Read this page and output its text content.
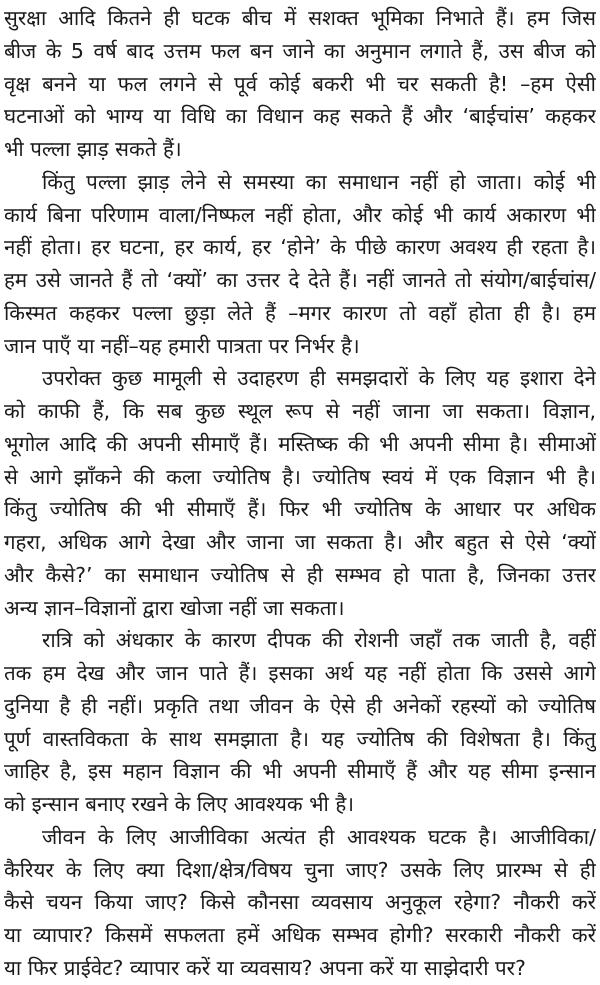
सुरक्षा आदि कितने ही घटक बीच में सशक्त भूमिका निभाते हैं। हम जिस
बीज के 5 वर्ष बाद उत्तम फल बन जाने का अनुमान लगाते हैं, उस बीज को
वृक्ष बनने या फल लगने से पूर्व कोई बकरी भी चर सकती है! –हम ऐसी
घटनाओं को भाग्य या विधि का विधान कह सकते हैं और ‘बाईचांस’ कहकर
भी पल्ला झाड़ सकते हैं।
किंतु पल्ला झाड़ लेने से समस्या का समाधान नहीं हो जाता। कोई भी
कार्य बिना परिणाम वाला/निष्फल नहीं होता, और कोई भी कार्य अकारण भी
नहीं होता। हर घटना, हर कार्य, हर ‘होने’ के पीछे कारण अवश्य ही रहता है।
हम उसे जानते हैं तो ‘क्यों’ का उत्तर दे देते हैं। नहीं जानते तो संयोग/बाईचांस/
किस्मत कहकर पल्ला छुड़ा लेते हैं –मगर कारण तो वहाँ होता ही है। हम
जान पाएँ या नहीं–यह हमारी पात्रता पर निर्भर है।
उपरोक्त कुछ मामूली से उदाहरण ही समझदारों के लिए यह इशारा देने
को काफी हैं, कि सब कुछ स्थूल रूप से नहीं जाना जा सकता। विज्ञान,
भूगोल आदि की अपनी सीमाएँ हैं। मस्तिष्क की भी अपनी सीमा है। सीमाओं
से आगे झाँकने की कला ज्योतिष है। ज्योतिष स्वयं में एक विज्ञान भी है।
किंतु ज्योतिष की भी सीमाएँ हैं। फिर भी ज्योतिष के आधार पर अधिक
गहरा, अधिक आगे देखा और जाना जा सकता है। और बहुत से ऐसे ‘क्यों
और कैसे?’ का समाधान ज्योतिष से ही सम्भव हो पाता है, जिनका उत्तर
अन्य ज्ञान–विज्ञानों द्वारा खोजा नहीं जा सकता।
रात्रि को अंधकार के कारण दीपक की रोशनी जहाँ तक जाती है, वहीं
तक हम देख और जान पाते हैं। इसका अर्थ यह नहीं होता कि उससे आगे
दुनिया है ही नहीं। प्रकृति तथा जीवन के ऐसे ही अनेकों रहस्यों को ज्योतिष
पूर्ण वास्तविकता के साथ समझाता है। यह ज्योतिष की विशेषता है। किंतु
जाहिर है, इस महान विज्ञान की भी अपनी सीमाएँ हैं और यह सीमा इन्सान
को इन्सान बनाए रखने के लिए आवश्यक भी है।
जीवन के लिए आजीविका अत्यंत ही आवश्यक घटक है। आजीविका/
कैरियर के लिए क्या दिशा/क्षेत्र/विषय चुना जाए? उसके लिए प्रारम्भ से ही
कैसे चयन किया जाए? किसे कौनसा व्यवसाय अनुकूल रहेगा? नौकरी करें
या व्यापार? किसमें सफलता हमें अधिक सम्भव होगी? सरकारी नौकरी करें
या फिर प्राईवेट? व्यापार करें या व्यवसाय? अपना करें या साझेदारी पर?
